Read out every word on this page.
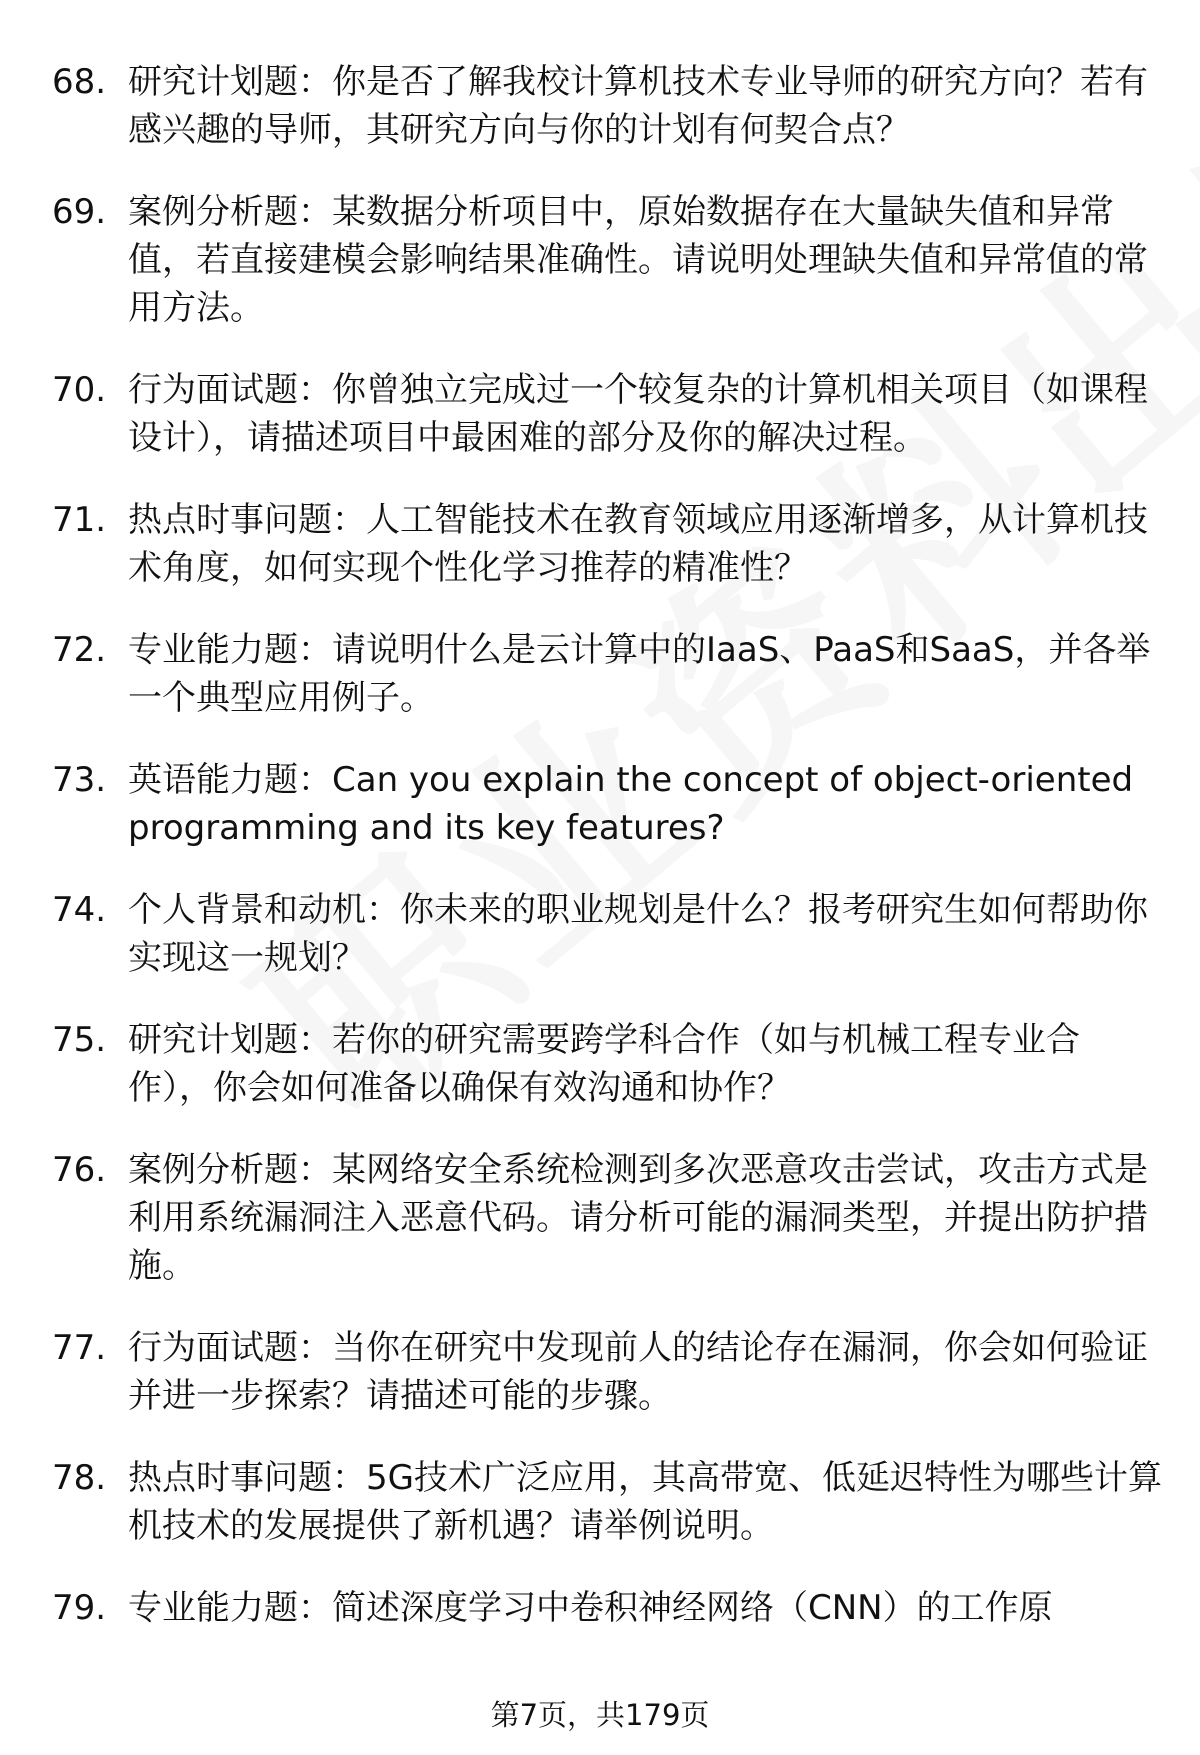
68. 研究计划题：你是否了解我校计算机技术专业导师的研究方向？若有感兴趣的导师，其研究方向与你的计划有何契合点？
69. 案例分析题：某数据分析项目中，原始数据存在大量缺失值和异常值，若直接建模会影响结果准确性。请说明处理缺失值和异常值的常用方法。
70. 行为面试题：你曾独立完成过一个较复杂的计算机相关项目（如课程设计），请描述项目中最困难的部分及你的解决过程。
71. 热点时事问题：人工智能技术在教育领域应用逐渐增多，从计算机技术角度，如何实现个性化学习推荐的精准性？
72. 专业能力题：请说明什么是云计算中的IaaS、PaaS和SaaS，并各举一个典型应用例子。
73. 英语能力题：Can you explain the concept of object-oriented programming and its key features?
74. 个人背景和动机：你未来的职业规划是什么？报考研究生如何帮助你实现这一规划？
75. 研究计划题：若你的研究需要跨学科合作（如与机械工程专业合作），你会如何准备以确保有效沟通和协作？
76. 案例分析题：某网络安全系统检测到多次恶意攻击尝试，攻击方式是利用系统漏洞注入恶意代码。请分析可能的漏洞类型，并提出防护措施。
77. 行为面试题：当你在研究中发现前人的结论存在漏洞，你会如何验证并进一步探索？请描述可能的步骤。
78. 热点时事问题：5G技术广泛应用，其高带宽、低延迟特性为哪些计算机技术的发展提供了新机遇？请举例说明。
79. 专业能力题：简述深度学习中卷积神经网络（CNN）的工作原
第7页，共179页
